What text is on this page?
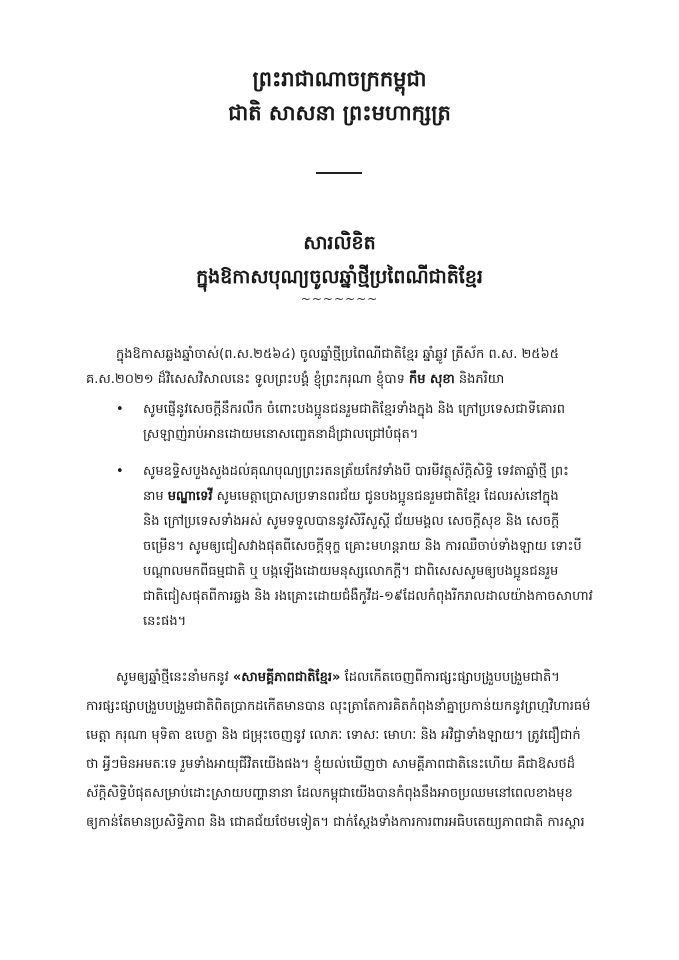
ព្រះរាជាណាចក្រកម្ពុជា
ជាតិ សាសនា ព្រះមហាក្សត្រ
សារលិខិត
ក្នុងឱកាសបុណ្យចូលឆ្នាំថ្មីប្រពៃណីជាតិខ្មែរ
~~~~~~~
ក្នុងឱកាសឆ្លងឆ្នាំចាស់(ព.ស.២៥៦៤) ចូលឆ្នាំថ្មីប្រពៃណីជាតិខ្មែរ ឆ្នាំឆ្លូវ ត្រីស័ក ព.ស. ២៥៦៥
គ.ស.២០២១ ដ៏វិសេសវិសាលនេះ ទូលព្រះបង្គំ ខ្ញុំព្រះករុណា ខ្ញុំបាទ កឹម សុខា និងភរិយា
• សូមផ្ញើនូវសេចក្ដីនឹករលឹក ចំពោះបងប្អូនជនរួមជាតិខ្មែរទាំងក្នុង និង ក្រៅប្រទេសជាទីគោរព
ស្រឡាញ់រាប់អានដោយមនោសញ្ចេតនាដ៏ជ្រាលជ្រៅបំផុត។
• សូមឧទ្ទិសបួងសួងដល់គុណបុណ្យព្រះរតនត្រ័យកែវទាំងបី បារមីវត្ថុស័ក្តិសិទ្ធិ ទេវតាឆ្នាំថ្មី ព្រះ
នាម មណ្ឌាទេវី សូមមេត្តាប្រោសប្រទានពរជ័យ ជូនបងប្អូនជនរួមជាតិខ្មែរ ដែលរស់នៅក្នុង
និង ក្រៅប្រទេសទាំងអស់ សូមទទួលបាននូវសិរីសួស្ដី ជ័យមង្គល សេចក្ដីសុខ និង សេចក្ដី
ចម្រើន។ សូមឲ្យជៀសវាងផុតពីសេចក្ដីទុក្ខ គ្រោះមហន្តរាយ និង ការឈឺចាប់ទាំងឡាយ ទោះបី
បណ្ដាលមកពីធម្មជាតិ ឬ បង្កឡើងដោយមនុស្សលោកក្ដី។ ជាពិសេសសូមឲ្យបងប្អូនជនរួម
ជាតិជៀសផុតពីការឆ្លង និង រងគ្រោះដោយជំងឺកូវីដ-១៩ដែលកំពុងរីករាលដាលយ៉ាងកាចសាហាវ
នេះផង។
សូមឲ្យឆ្នាំថ្មីនេះនាំមកនូវ «សាមគ្គីភាពជាតិខ្មែរ» ដែលកើតចេញពីការផ្សះផ្សាបង្រួបបង្រួមជាតិ។
ការផ្សះផ្សាបង្រួបបង្រួមជាតិពិតប្រាកដកើតមានបាន លុះត្រាតែការគិតកំពុងនាំគ្នាប្រកាន់យកនូវព្រហ្មវិហារធម៌
មេត្តា ករុណា មុទិតា ឧបេក្ខា និង ជម្រុះចេញនូវ លោភៈ ទោសៈ មោហៈ និង អវិជ្ជាទាំងឡាយ។ ត្រូវជឿជាក់
ថា អ្វីៗមិនអមតៈទេ រួមទាំងអាយុជីវិតយើងផង។ ខ្ញុំយល់ឃើញថា សាមគ្គីភាពជាតិនេះហើយ គឺជាឱសថដ៏
ស័ក្តិសិទ្ធិបំផុតសម្រាប់ដោះស្រាយបញ្ហានានា ដែលកម្ពុជាយើងបានកំពុងនឹងអាចប្រឈមនៅពេលខាងមុខ
ឲ្យកាន់តែមានប្រសិទ្ធិភាព និង ជោគជ័យថែមទៀត។ ជាក់ស្តែងទាំងការការពារអធិបតេយ្យភាពជាតិ ការស្តារ
